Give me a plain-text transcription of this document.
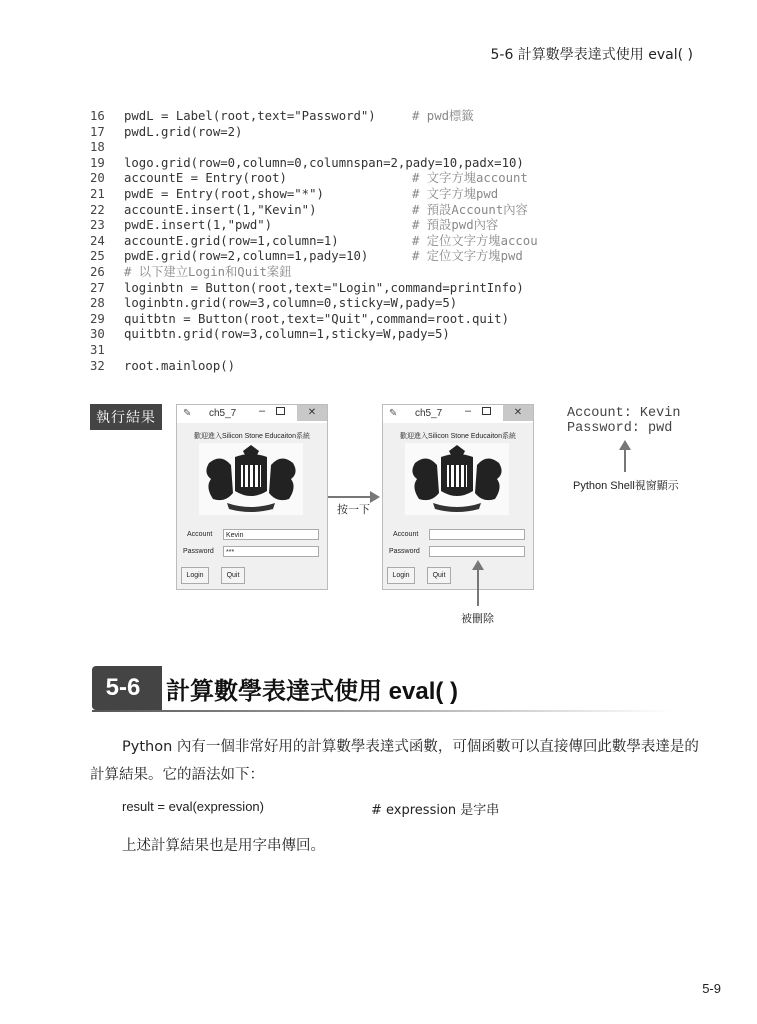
5-6 計算數學表達式使用 eval( )
16 pwdL = Label(root,text="Password")	# pwd標籤
17 pwdL.grid(row=2)
18
19 logo.grid(row=0,column=0,columnspan=2,pady=10,padx=10)
20 accountE = Entry(root)	# 文字方塊account
21 pwdE = Entry(root,show="*")	# 文字方塊pwd
22 accountE.insert(1,"Kevin")	# 預設Account內容
23 pwdE.insert(1,"pwd")	# 預設pwd內容
24 accountE.grid(row=1,column=1)	# 定位文字方塊accou
25 pwdE.grid(row=2,column=1,pady=10)	# 定位文字方塊pwd
26 # 以下建立Login和Quit案鈕
27 loginbtn = Button(root,text="Login",command=printInfo)
28 loginbtn.grid(row=3,column=0,sticky=W,pady=5)
29 quitbtn = Button(root,text="Quit",command=root.quit)
30 quitbtn.grid(row=3,column=1,sticky=W,pady=5)
31
32 root.mainloop()
執行結果	✎ ch5_7 –	✕
歡迎進入Silicon Stone Educaiton系統
Account	Kevin
Password	***
Login	Quit
按一下
✎ ch5_7 –	✕
歡迎進入Silicon Stone Educaiton系統
Account
Password
Login	Quit
被刪除
Account: Kevin
Password: pwd
Python Shell視窗顯示
5-6	計算數學表達式使用 eval( )
Python 內有一個非常好用的計算數學表達式函數，可個函數可以直接傳回此數學表達是的計算結果。它的語法如下：
result = eval(expression)	# expression 是字串
上述計算結果也是用字串傳回。
5-9
